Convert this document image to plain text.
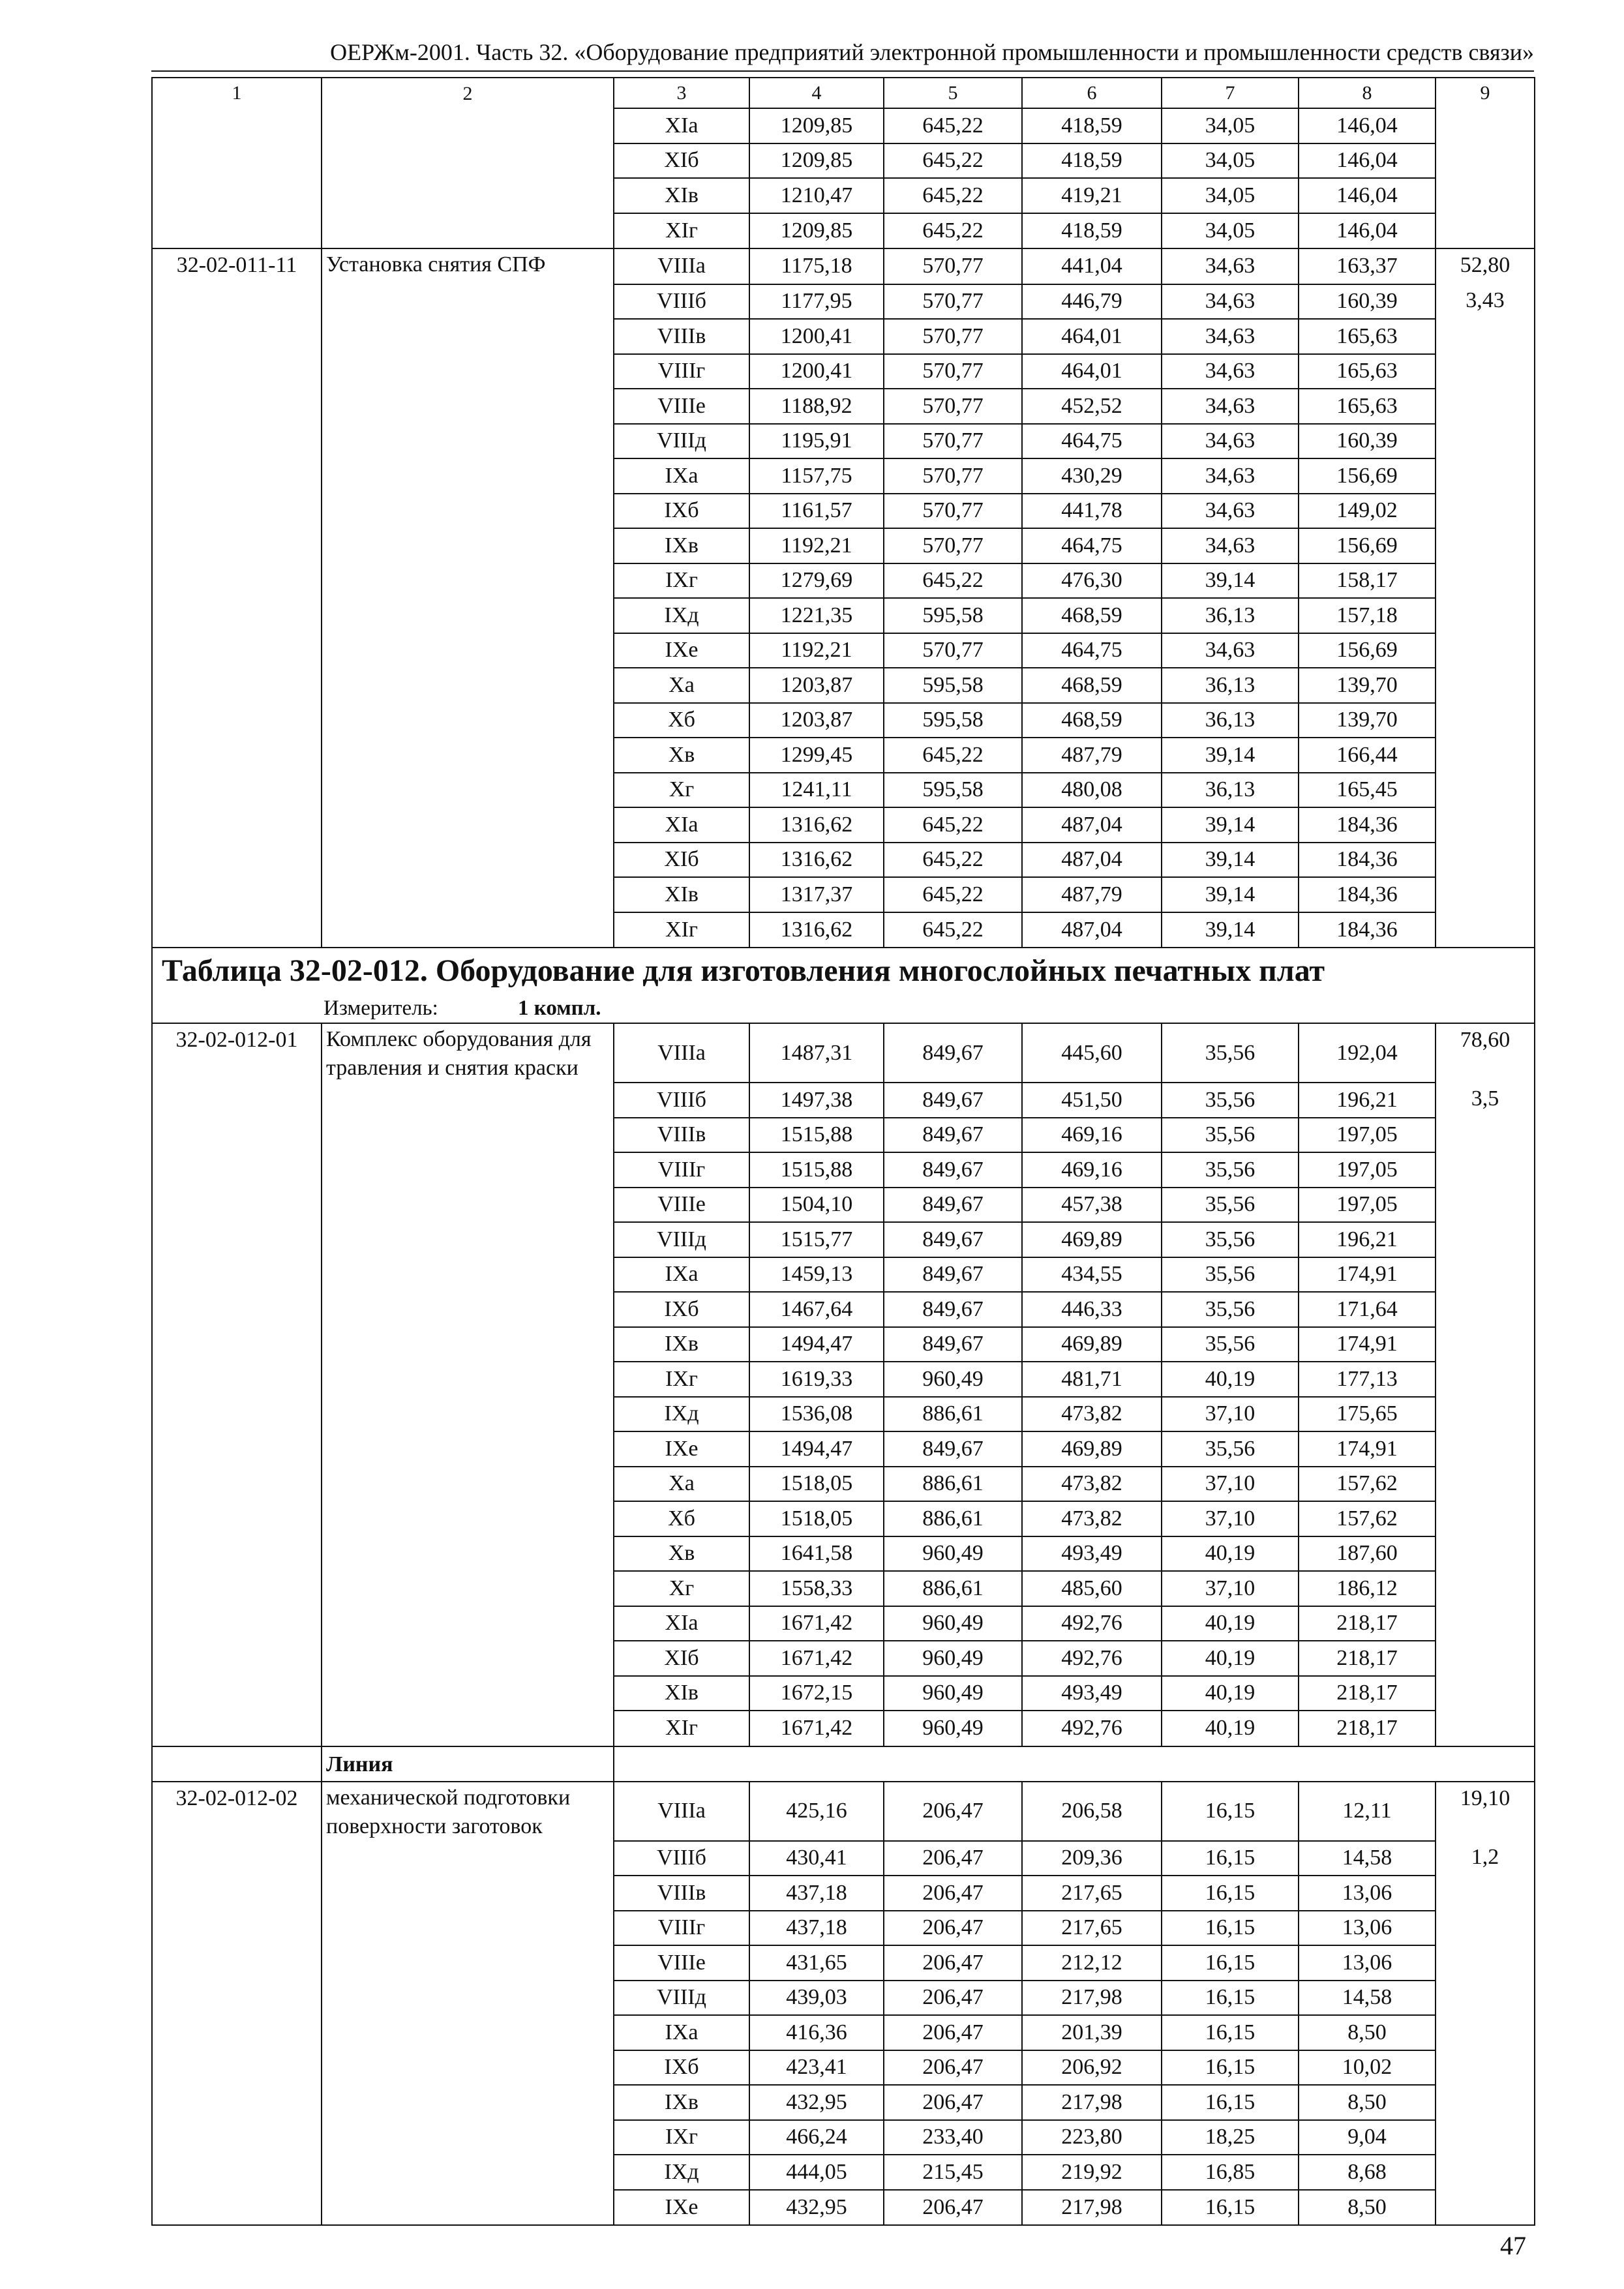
ОЕРЖм-2001. Часть 32. «Оборудование предприятий электронной промышленности и промышленности средств связи»
1	2	3	4	5	6	7	8	9
		XIа	1209,85	645,22	418,59	34,05	146,04	
		XIб	1209,85	645,22	418,59	34,05	146,04	
		XIв	1210,47	645,22	419,21	34,05	146,04	
		XIг	1209,85	645,22	418,59	34,05	146,04	
32-02-011-11	Установка снятия СПФ	VIIIа	1175,18	570,77	441,04	34,63	163,37	52,80
		VIIIб	1177,95	570,77	446,79	34,63	160,39	3,43
		VIIIв	1200,41	570,77	464,01	34,63	165,63	
		VIIIг	1200,41	570,77	464,01	34,63	165,63	
		VIIIе	1188,92	570,77	452,52	34,63	165,63	
		VIIIд	1195,91	570,77	464,75	34,63	160,39	
		IXа	1157,75	570,77	430,29	34,63	156,69	
		IXб	1161,57	570,77	441,78	34,63	149,02	
		IXв	1192,21	570,77	464,75	34,63	156,69	
		IXг	1279,69	645,22	476,30	39,14	158,17	
		IXд	1221,35	595,58	468,59	36,13	157,18	
		IXе	1192,21	570,77	464,75	34,63	156,69	
		Xа	1203,87	595,58	468,59	36,13	139,70	
		Xб	1203,87	595,58	468,59	36,13	139,70	
		Xв	1299,45	645,22	487,79	39,14	166,44	
		Xг	1241,11	595,58	480,08	36,13	165,45	
		XIа	1316,62	645,22	487,04	39,14	184,36	
		XIб	1316,62	645,22	487,04	39,14	184,36	
		XIв	1317,37	645,22	487,79	39,14	184,36	
		XIг	1316,62	645,22	487,04	39,14	184,36	
Таблица 32-02-012. Оборудование для изготовления многослойных печатных плат								

Измеритель: 1 компл.								

32-02-012-01	Комплекс оборудования для травления и снятия краски	VIIIа	1487,31	849,67	445,60	35,56	192,04	78,60
		VIIIб	1497,38	849,67	451,50	35,56	196,21	3,5
		VIIIв	1515,88	849,67	469,16	35,56	197,05	
		VIIIг	1515,88	849,67	469,16	35,56	197,05	
		VIIIе	1504,10	849,67	457,38	35,56	197,05	
		VIIIд	1515,77	849,67	469,89	35,56	196,21	
		IXа	1459,13	849,67	434,55	35,56	174,91	
		IXб	1467,64	849,67	446,33	35,56	171,64	
		IXв	1494,47	849,67	469,89	35,56	174,91	
		IXг	1619,33	960,49	481,71	40,19	177,13	
		IXд	1536,08	886,61	473,82	37,10	175,65	
		IXе	1494,47	849,67	469,89	35,56	174,91	
		Xа	1518,05	886,61	473,82	37,10	157,62	
		Xб	1518,05	886,61	473,82	37,10	157,62	
		Xв	1641,58	960,49	493,49	40,19	187,60	
		Xг	1558,33	886,61	485,60	37,10	186,12	
		XIа	1671,42	960,49	492,76	40,19	218,17	
		XIб	1671,42	960,49	492,76	40,19	218,17	
		XIв	1672,15	960,49	493,49	40,19	218,17	
		XIг	1671,42	960,49	492,76	40,19	218,17	
	Линия							
32-02-012-02	механической подготовки поверхности заготовок	VIIIа	425,16	206,47	206,58	16,15	12,11	19,10
		VIIIб	430,41	206,47	209,36	16,15	14,58	1,2
		VIIIв	437,18	206,47	217,65	16,15	13,06	
		VIIIг	437,18	206,47	217,65	16,15	13,06	
		VIIIе	431,65	206,47	212,12	16,15	13,06	
		VIIIд	439,03	206,47	217,98	16,15	14,58	
		IXа	416,36	206,47	201,39	16,15	8,50	
		IXб	423,41	206,47	206,92	16,15	10,02	
		IXв	432,95	206,47	217,98	16,15	8,50	
		IXг	466,24	233,40	223,80	18,25	9,04	
		IXд	444,05	215,45	219,92	16,85	8,68	
		IXе	432,95	206,47	217,98	16,15	8,50	
47
